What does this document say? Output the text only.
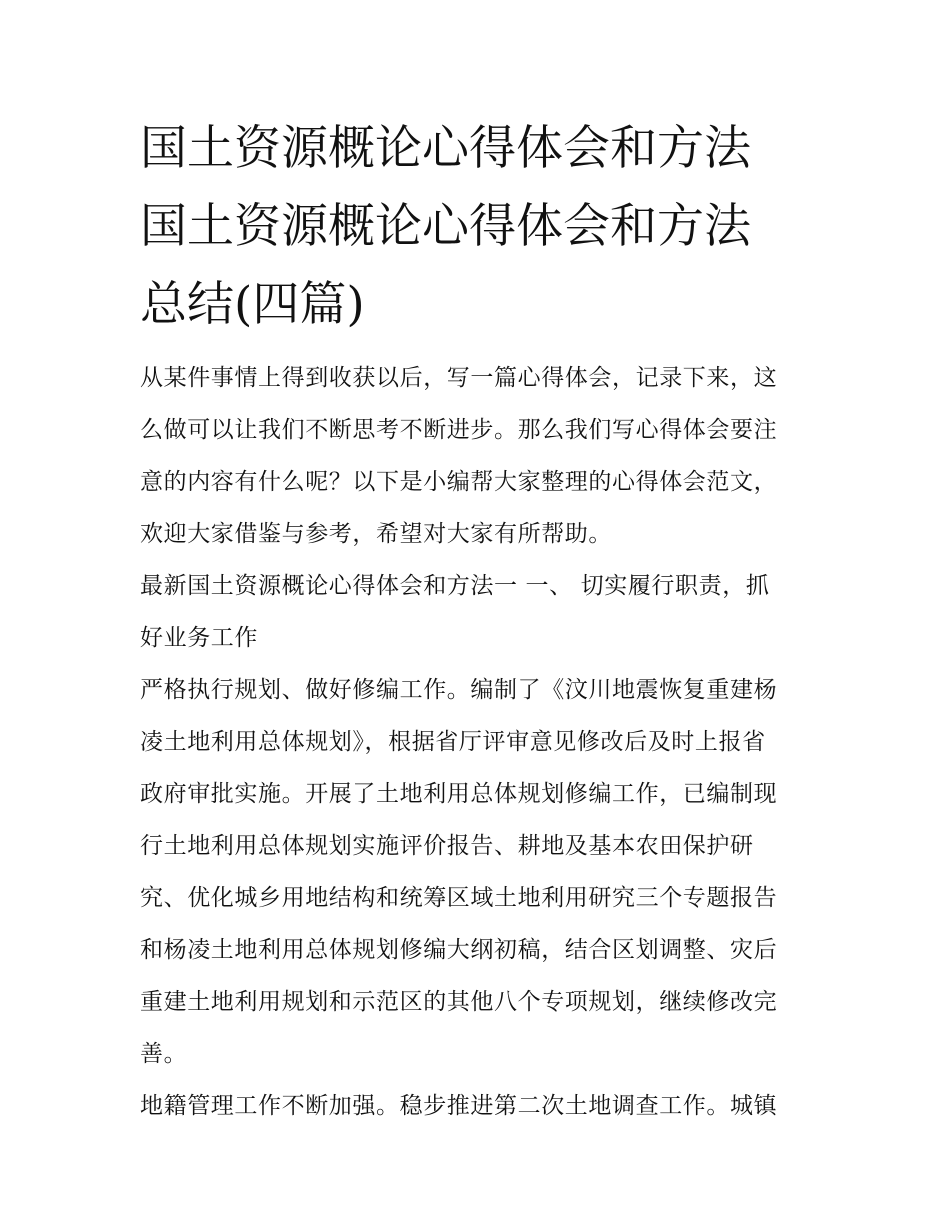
国土资源概论心得体会和方法
国土资源概论心得体会和方法
总结(四篇)

从某件事情上得到收获以后，写一篇心得体会，记录下来，这
么做可以让我们不断思考不断进步。那么我们写心得体会要注
意的内容有什么呢？以下是小编帮大家整理的心得体会范文，
欢迎大家借鉴与参考，希望对大家有所帮助。

最新国土资源概论心得体会和方法一 一、 切实履行职责，抓
好业务工作

严格执行规划、做好修编工作。编制了《汶川地震恢复重建杨
凌土地利用总体规划》，根据省厅评审意见修改后及时上报省
政府审批实施。开展了土地利用总体规划修编工作，已编制现
行土地利用总体规划实施评价报告、耕地及基本农田保护研
究、优化城乡用地结构和统筹区域土地利用研究三个专题报告
和杨凌土地利用总体规划修编大纲初稿，结合区划调整、灾后
重建土地利用规划和示范区的其他八个专项规划，继续修改完
善。

地籍管理工作不断加强。稳步推进第二次土地调查工作。城镇
